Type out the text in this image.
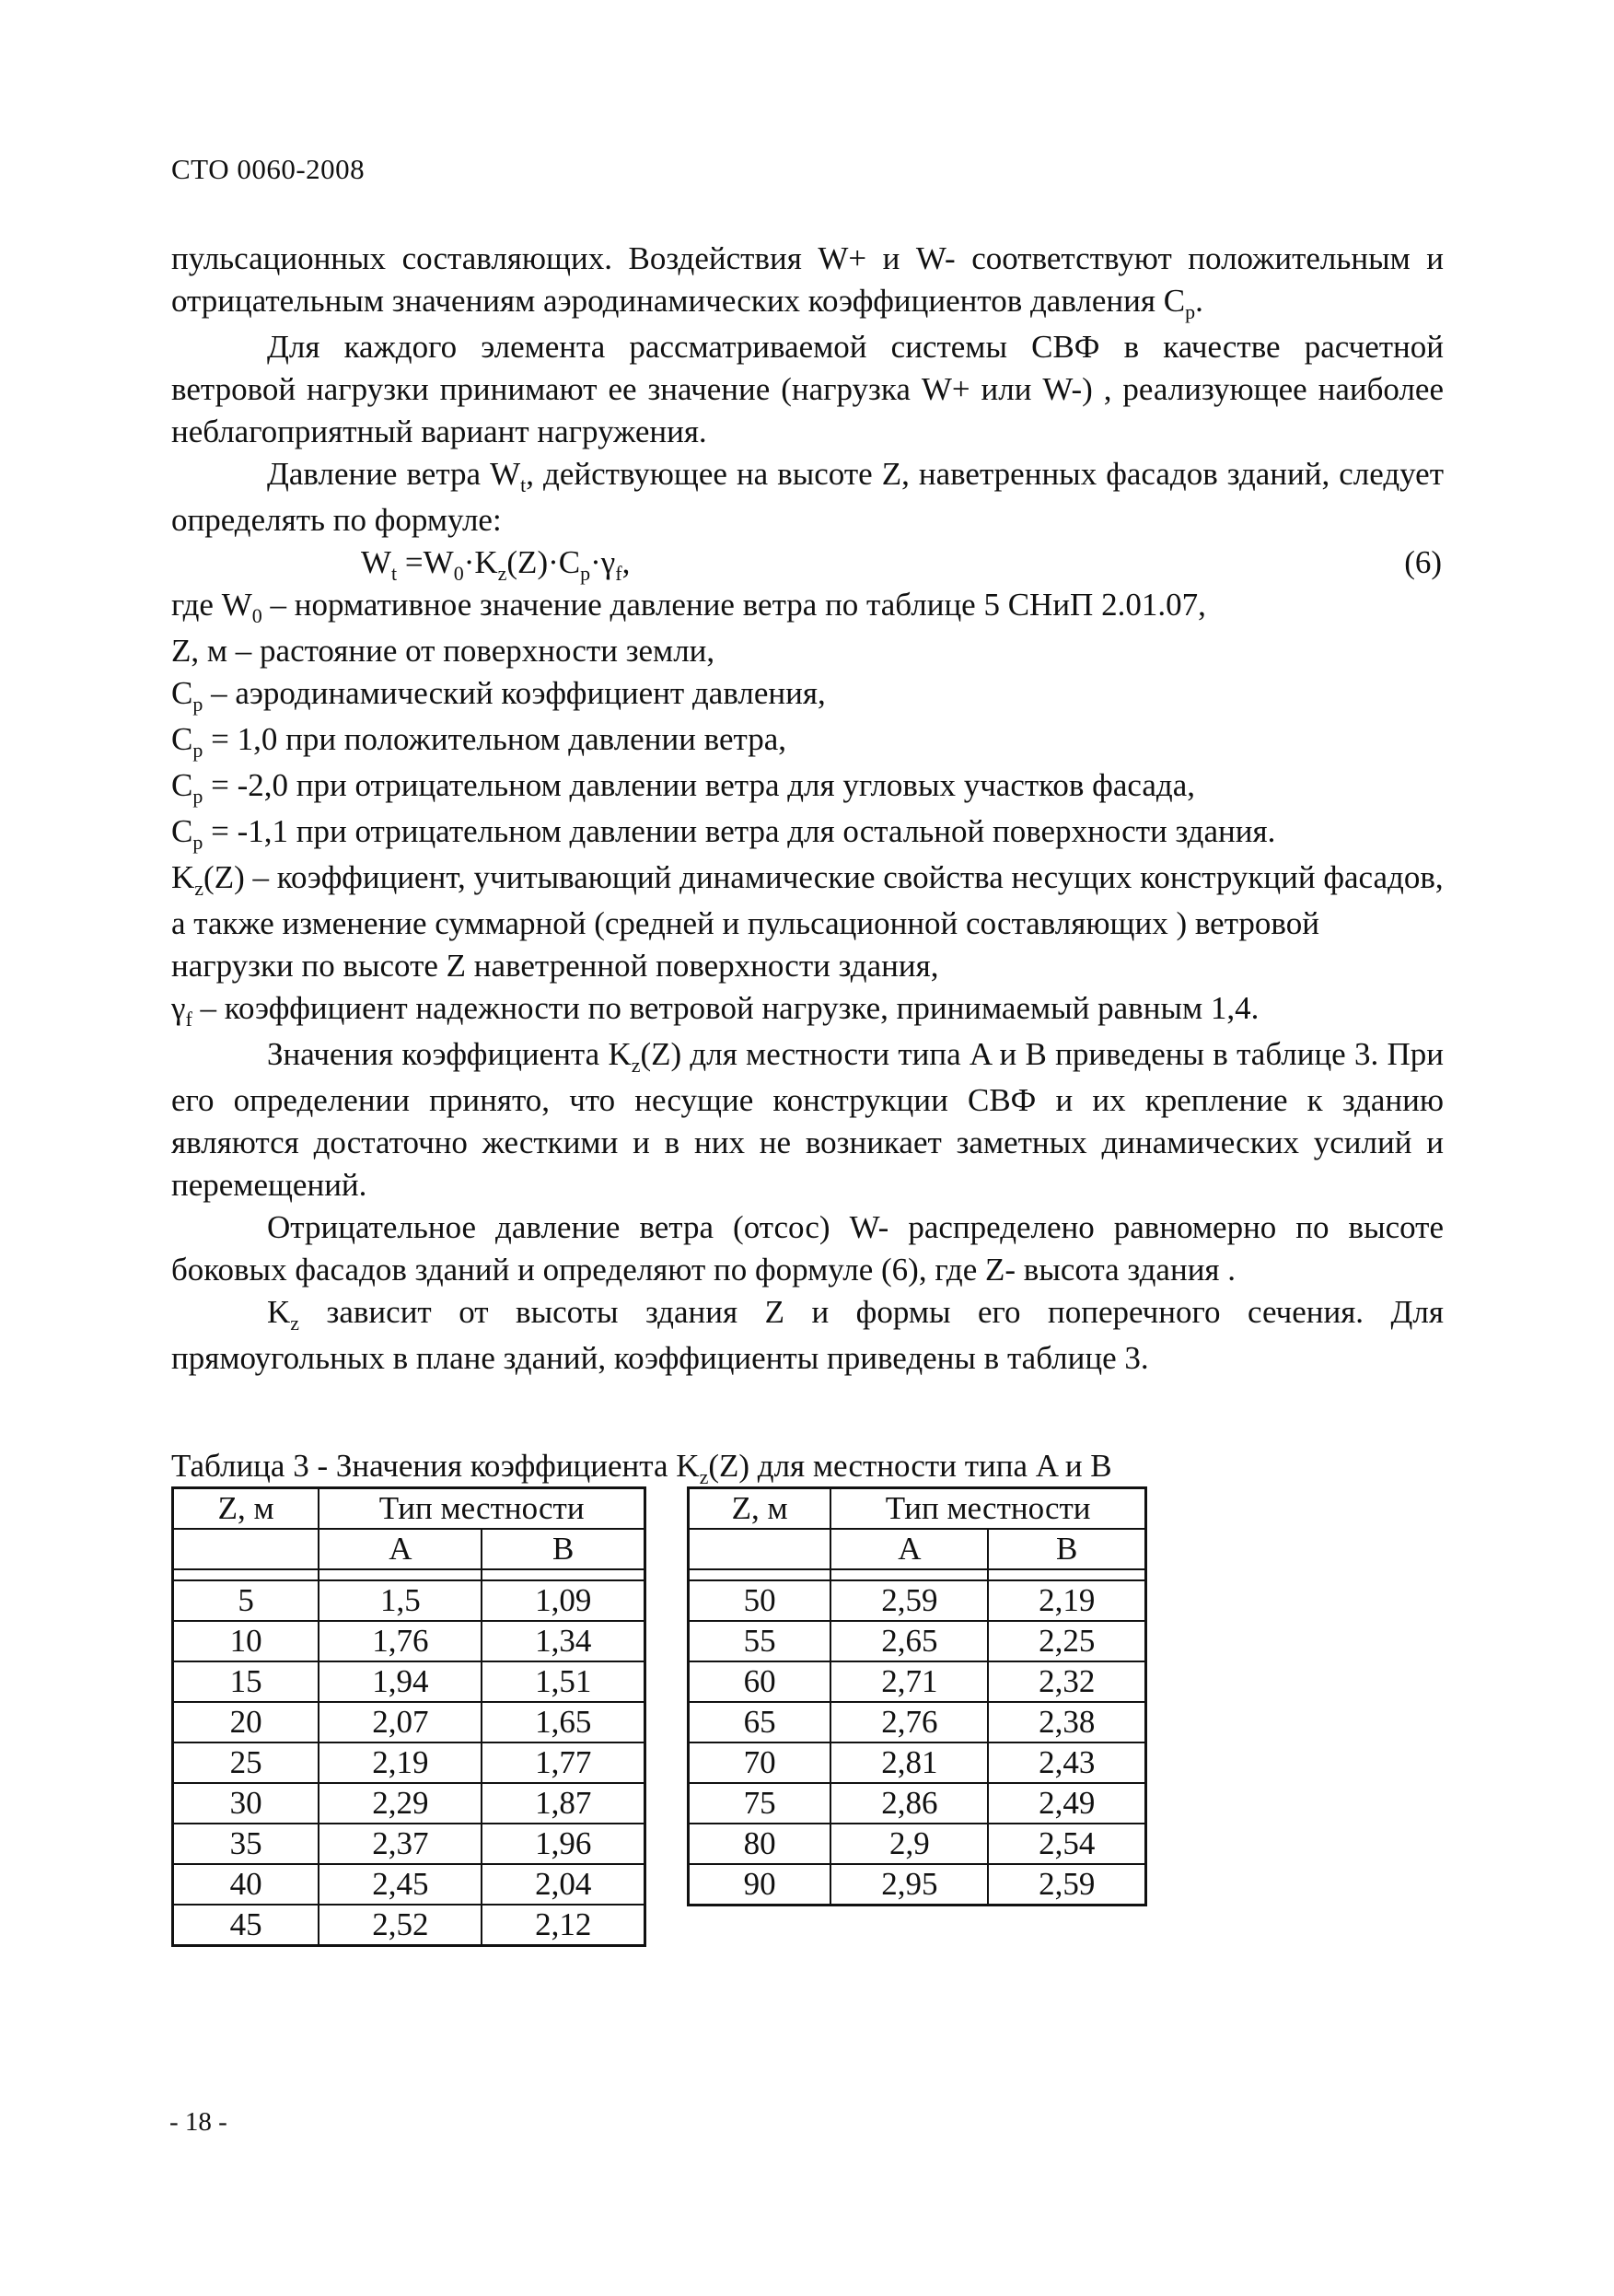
СТО 0060-2008

пульсационных составляющих. Воздействия W+ и W- соответствуют положительным и отрицательным значениям аэродинамических коэффициентов давления $C_p$.

Для каждого элемента рассматриваемой системы СВФ в качестве расчетной ветровой нагрузки принимают ее значение (нагрузка W+ или W-) , реализующее наиболее неблагоприятный вариант нагружения.

Давление ветра $W_t$, действующее на высоте Z, наветренных фасадов зданий, следует определять по формуле:

$W_t =W_0\cdot K_z(Z)\cdot C_p\cdot\gamma_f$,	(6)

где $W_0$ – нормативное значение давление ветра по таблице 5 СНиП 2.01.07,

Z, м – растояние от поверхности земли,

$C_p$ – аэродинамический коэффициент давления,

$C_p = 1,0$ при положительном давлении ветра,

$C_p = -2,0$ при отрицательном давлении ветра для угловых участков фасада,

$C_p = -1,1$ при отрицательном давлении ветра для остальной поверхности здания.

$K_z(Z)$ – коэффициент, учитывающий динамические свойства несущих конструкций фасадов, а также изменение суммарной (средней и пульсационной составляющих ) ветровой нагрузки по высоте Z наветренной поверхности здания,

$\gamma_f$ – коэффициент надежности по ветровой нагрузке, принимаемый равным 1,4.

Значения коэффициента $K_z(Z)$ для местности типа A и B приведены в таблице 3. При его определении принято, что несущие конструкции СВФ и их крепление к зданию являются достаточно жесткими и в них не возникает заметных динамических усилий и перемещений.

Отрицательное давление ветра (отсос) W- распределено равномерно по высоте боковых фасадов зданий и определяют по формуле (6), где Z- высота здания .

$K_z$ зависит от высоты здания Z и формы его поперечного сечения. Для прямоугольных в плане зданий, коэффициенты приведены в таблице 3.

Таблица 3 - Значения коэффициента $K_z(Z)$ для местности типа A и B
Z, м	Тип местности	
	A	B

5	1,5	1,09
10	1,76	1,34
15	1,94	1,51
20	2,07	1,65
25	2,19	1,77
30	2,29	1,87
35	2,37	1,96
40	2,45	2,04
45	2,52	2,12
Z, м	Тип местности	
	A	B

50	2,59	2,19
55	2,65	2,25
60	2,71	2,32
65	2,76	2,38
70	2,81	2,43
75	2,86	2,49
80	2,9	2,54
90	2,95	2,59
- 18 -
